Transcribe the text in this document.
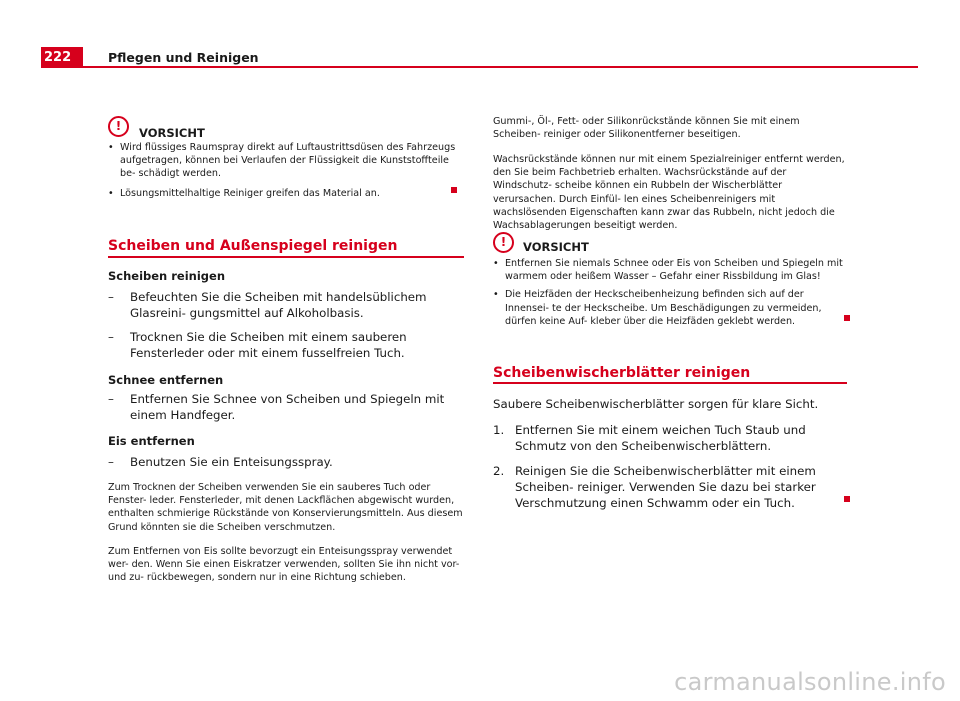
222	Pflegen und Reinigen
!	VORSICHT

• Wird flüssiges Raumspray direkt auf Luftaustrittsdüsen des Fahrzeugs aufgetragen, können bei Verlaufen der Flüssigkeit die Kunststoffteile be- schädigt werden.

• Lösungsmittelhaltige Reiniger greifen das Material an.

Scheiben und Außenspiegel reinigen
Scheiben reinigen
– Befeuchten Sie die Scheiben mit handelsüblichem Glasreini- gungsmittel auf Alkoholbasis.
– Trocknen Sie die Scheiben mit einem sauberen Fensterleder oder mit einem fusselfreien Tuch.
Schnee entfernen
– Entfernen Sie Schnee von Scheiben und Spiegeln mit einem Handfeger.
Eis entfernen
– Benutzen Sie ein Enteisungsspray.
Zum Trocknen der Scheiben verwenden Sie ein sauberes Tuch oder Fenster- leder. Fensterleder, mit denen Lackflächen abgewischt wurden, enthalten schmierige Rückstände von Konservierungsmitteln. Aus diesem Grund könnten sie die Scheiben verschmutzen.
Zum Entfernen von Eis sollte bevorzugt ein Enteisungsspray verwendet wer- den. Wenn Sie einen Eiskratzer verwenden, sollten Sie ihn nicht vor- und zu- rückbewegen, sondern nur in eine Richtung schieben.
Gummi-, Öl-, Fett- oder Silikonrückstände können Sie mit einem Scheiben- reiniger oder Silikonentferner beseitigen.
Wachsrückstände können nur mit einem Spezialreiniger entfernt werden, den Sie beim Fachbetrieb erhalten. Wachsrückstände auf der Windschutz- scheibe können ein Rubbeln der Wischerblätter verursachen. Durch Einfül- len eines Scheibenreinigers mit wachslösenden Eigenschaften kann zwar das Rubbeln, nicht jedoch die Wachsablagerungen beseitigt werden.
!	VORSICHT

• Entfernen Sie niemals Schnee oder Eis von Scheiben und Spiegeln mit warmem oder heißem Wasser – Gefahr einer Rissbildung im Glas!

• Die Heizfäden der Heckscheibenheizung befinden sich auf der Innensei- te der Heckscheibe. Um Beschädigungen zu vermeiden, dürfen keine Auf- kleber über die Heizfäden geklebt werden.

Scheibenwischerblätter reinigen
Saubere Scheibenwischerblätter sorgen für klare Sicht.
1. Entfernen Sie mit einem weichen Tuch Staub und Schmutz von den Scheibenwischerblättern.
2. Reinigen Sie die Scheibenwischerblätter mit einem Scheiben- reiniger. Verwenden Sie dazu bei starker Verschmutzung einen Schwamm oder ein Tuch.
carmanualsonline.info
